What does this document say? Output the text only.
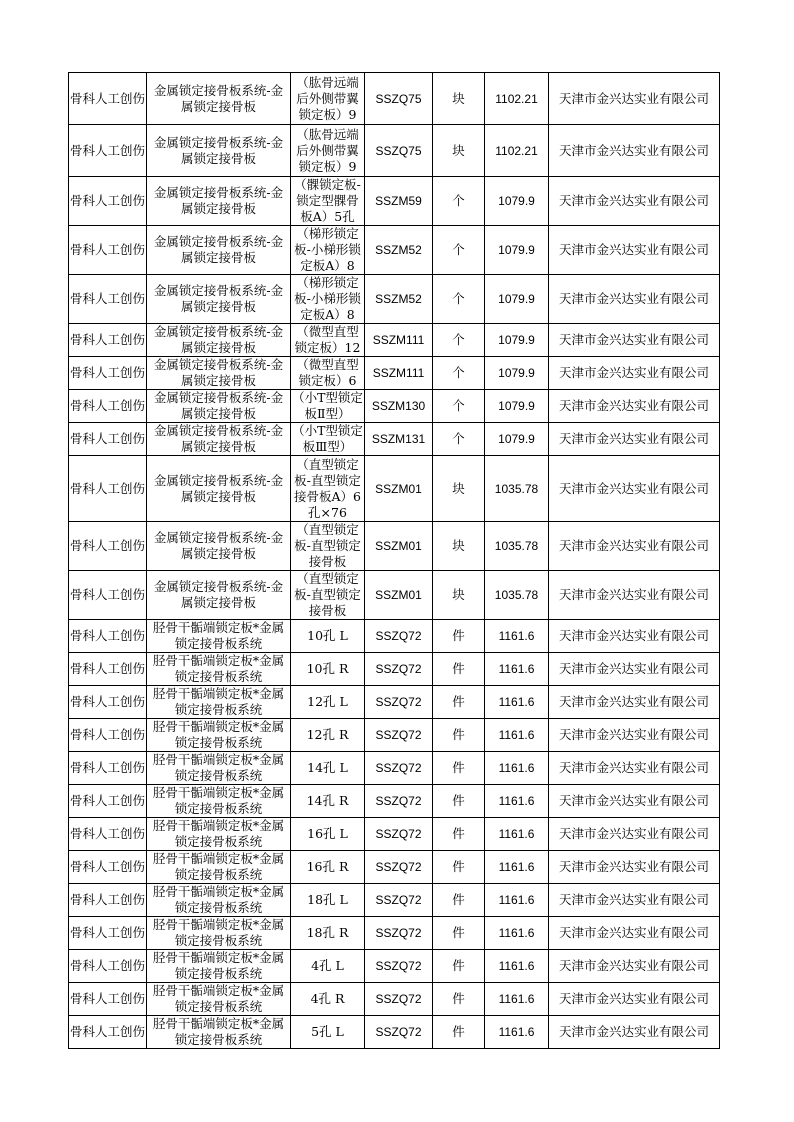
骨科人工创伤	金属锁定接骨板系统-金属锁定接骨板	（肱骨远端后外侧带翼锁定板）9	SSZQ75	块	1102.21	天津市金兴达实业有限公司
骨科人工创伤	金属锁定接骨板系统-金属锁定接骨板	（肱骨远端后外侧带翼锁定板）9	SSZQ75	块	1102.21	天津市金兴达实业有限公司
骨科人工创伤	金属锁定接骨板系统-金属锁定接骨板	（髁锁定板-锁定型髁骨板A）5孔	SSZM59	个	1079.9	天津市金兴达实业有限公司
骨科人工创伤	金属锁定接骨板系统-金属锁定接骨板	（梯形锁定板-小梯形锁定板A）8	SSZM52	个	1079.9	天津市金兴达实业有限公司
骨科人工创伤	金属锁定接骨板系统-金属锁定接骨板	（梯形锁定板-小梯形锁定板A）8	SSZM52	个	1079.9	天津市金兴达实业有限公司
骨科人工创伤	金属锁定接骨板系统-金属锁定接骨板	（微型直型锁定板）12	SSZM111	个	1079.9	天津市金兴达实业有限公司
骨科人工创伤	金属锁定接骨板系统-金属锁定接骨板	（微型直型锁定板）6	SSZM111	个	1079.9	天津市金兴达实业有限公司
骨科人工创伤	金属锁定接骨板系统-金属锁定接骨板	（小T型锁定板Ⅱ型）	SSZM130	个	1079.9	天津市金兴达实业有限公司
骨科人工创伤	金属锁定接骨板系统-金属锁定接骨板	（小T型锁定板Ⅲ型）	SSZM131	个	1079.9	天津市金兴达实业有限公司
骨科人工创伤	金属锁定接骨板系统-金属锁定接骨板	（直型锁定板-直型锁定接骨板A）6孔×76	SSZM01	块	1035.78	天津市金兴达实业有限公司
骨科人工创伤	金属锁定接骨板系统-金属锁定接骨板	（直型锁定板-直型锁定接骨板	SSZM01	块	1035.78	天津市金兴达实业有限公司
骨科人工创伤	金属锁定接骨板系统-金属锁定接骨板	（直型锁定板-直型锁定接骨板	SSZM01	块	1035.78	天津市金兴达实业有限公司
骨科人工创伤	胫骨干骺端锁定板*金属锁定接骨板系统	10孔 L	SSZQ72	件	1161.6	天津市金兴达实业有限公司
骨科人工创伤	胫骨干骺端锁定板*金属锁定接骨板系统	10孔 R	SSZQ72	件	1161.6	天津市金兴达实业有限公司
骨科人工创伤	胫骨干骺端锁定板*金属锁定接骨板系统	12孔 L	SSZQ72	件	1161.6	天津市金兴达实业有限公司
骨科人工创伤	胫骨干骺端锁定板*金属锁定接骨板系统	12孔 R	SSZQ72	件	1161.6	天津市金兴达实业有限公司
骨科人工创伤	胫骨干骺端锁定板*金属锁定接骨板系统	14孔 L	SSZQ72	件	1161.6	天津市金兴达实业有限公司
骨科人工创伤	胫骨干骺端锁定板*金属锁定接骨板系统	14孔 R	SSZQ72	件	1161.6	天津市金兴达实业有限公司
骨科人工创伤	胫骨干骺端锁定板*金属锁定接骨板系统	16孔 L	SSZQ72	件	1161.6	天津市金兴达实业有限公司
骨科人工创伤	胫骨干骺端锁定板*金属锁定接骨板系统	16孔 R	SSZQ72	件	1161.6	天津市金兴达实业有限公司
骨科人工创伤	胫骨干骺端锁定板*金属锁定接骨板系统	18孔 L	SSZQ72	件	1161.6	天津市金兴达实业有限公司
骨科人工创伤	胫骨干骺端锁定板*金属锁定接骨板系统	18孔 R	SSZQ72	件	1161.6	天津市金兴达实业有限公司
骨科人工创伤	胫骨干骺端锁定板*金属锁定接骨板系统	4孔 L	SSZQ72	件	1161.6	天津市金兴达实业有限公司
骨科人工创伤	胫骨干骺端锁定板*金属锁定接骨板系统	4孔 R	SSZQ72	件	1161.6	天津市金兴达实业有限公司
骨科人工创伤	胫骨干骺端锁定板*金属锁定接骨板系统	5孔 L	SSZQ72	件	1161.6	天津市金兴达实业有限公司
